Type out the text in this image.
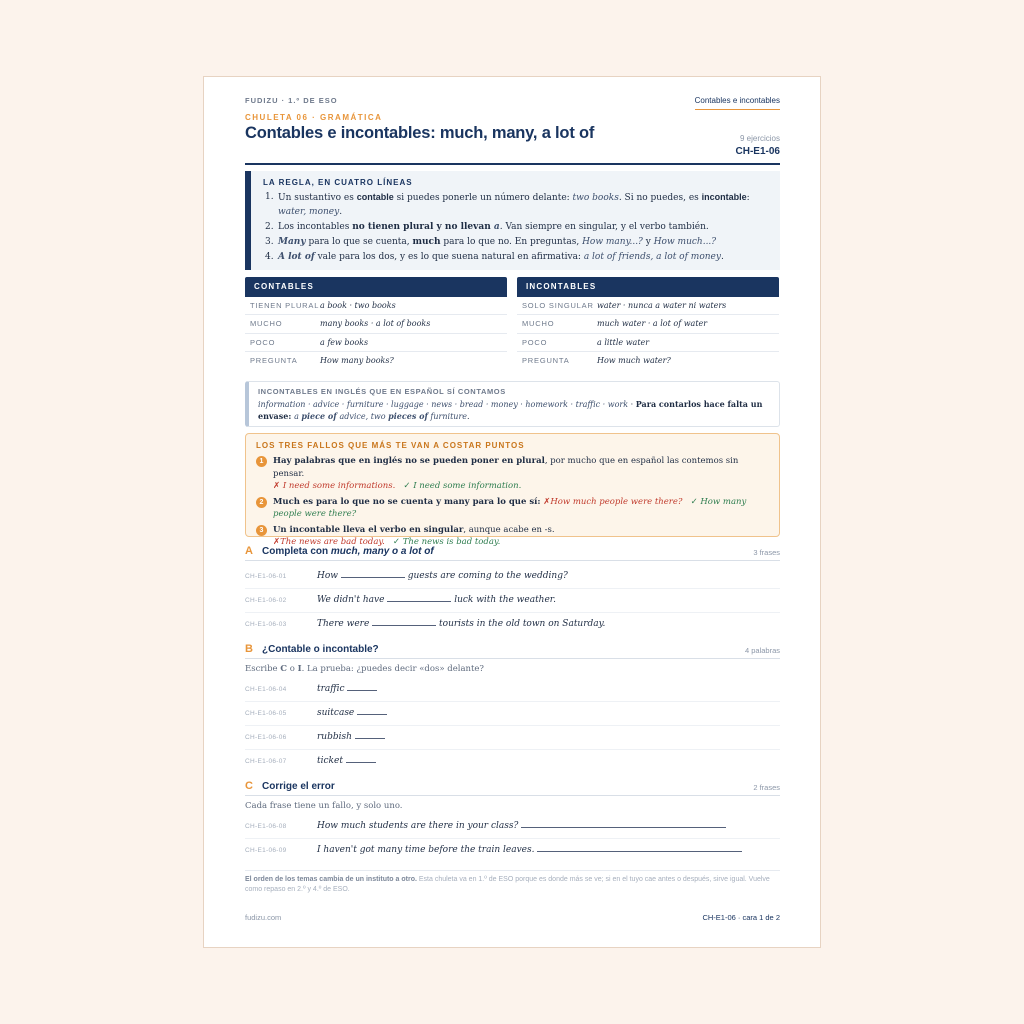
FUDIZU · 1.º DE ESO	Contables e incontables
CHULETA 06 · GRAMÁTICA
Contables e incontables: much, many, a lot of	9 ejercicios
CH-E1-06
LA REGLA, EN CUATRO LÍNEAS
1. Un sustantivo es contable si puedes ponerle un número delante: two books. Si no puedes, es incontable: water, money.
2. Los incontables no tienen plural y no llevan a. Van siempre en singular, y el verbo también.
3. Many para lo que se cuenta, much para lo que no. En preguntas, How many...? y How much...?
4. A lot of vale para los dos, y es lo que suena natural en afirmativa: a lot of friends, a lot of money.
CONTABLES
TIENEN PLURAL a book · two books
MUCHO	many books · a lot of books
POCO	a few books
PREGUNTA	How many books?
INCONTABLES
SOLO SINGULAR water · nunca a water ni waters
MUCHO	much water · a lot of water
POCO	a little water
PREGUNTA	How much water?
INCONTABLES EN INGLÉS QUE EN ESPAÑOL SÍ CONTAMOS

information · advice · furniture · luggage · news · bread · money · homework · traffic · work · Para contarlos hace falta un envase: a piece of advice, two pieces of furniture.

LOS TRES FALLOS QUE MÁS TE VAN A COSTAR PUNTOS
1	Hay palabras que en inglés no se pueden poner en plural, por mucho que en español las contemos sin pensar.
✗ I need some informations. ✓ I need some information.
2	Much es para lo que no se cuenta y many para lo que sí: ✗How much people were there? ✓ How many people were there?
3	Un incontable lleva el verbo en singular, aunque acabe en -s.
✗The news are bad today. ✓ The news is bad today.
A Completa con much, many o a lot of	3 frases
CH-E1-06-01	How	guests are coming to the wedding?
CH-E1-06-02	We didn't have	luck with the weather.
CH-E1-06-03	There were	tourists in the old town on Saturday.
B ¿Contable o incontable?	4 palabras
Escribe C o I. La prueba: ¿puedes decir «dos» delante?
CH-E1-06-04	traffic
CH-E1-06-05	suitcase
CH-E1-06-06	rubbish
CH-E1-06-07	ticket
C Corrige el error	2 frases
Cada frase tiene un fallo, y solo uno.
CH-E1-06-08	How much students are there in your class?
CH-E1-06-09	I haven't got many time before the train leaves.
El orden de los temas cambia de un instituto a otro. Esta chuleta va en 1.º de ESO porque es donde más se ve; si en el tuyo cae antes o después, sirve igual. Vuelve como repaso en 2.º y 4.º de ESO.
fudizu.com	CH-E1-06 · cara 1 de 2
